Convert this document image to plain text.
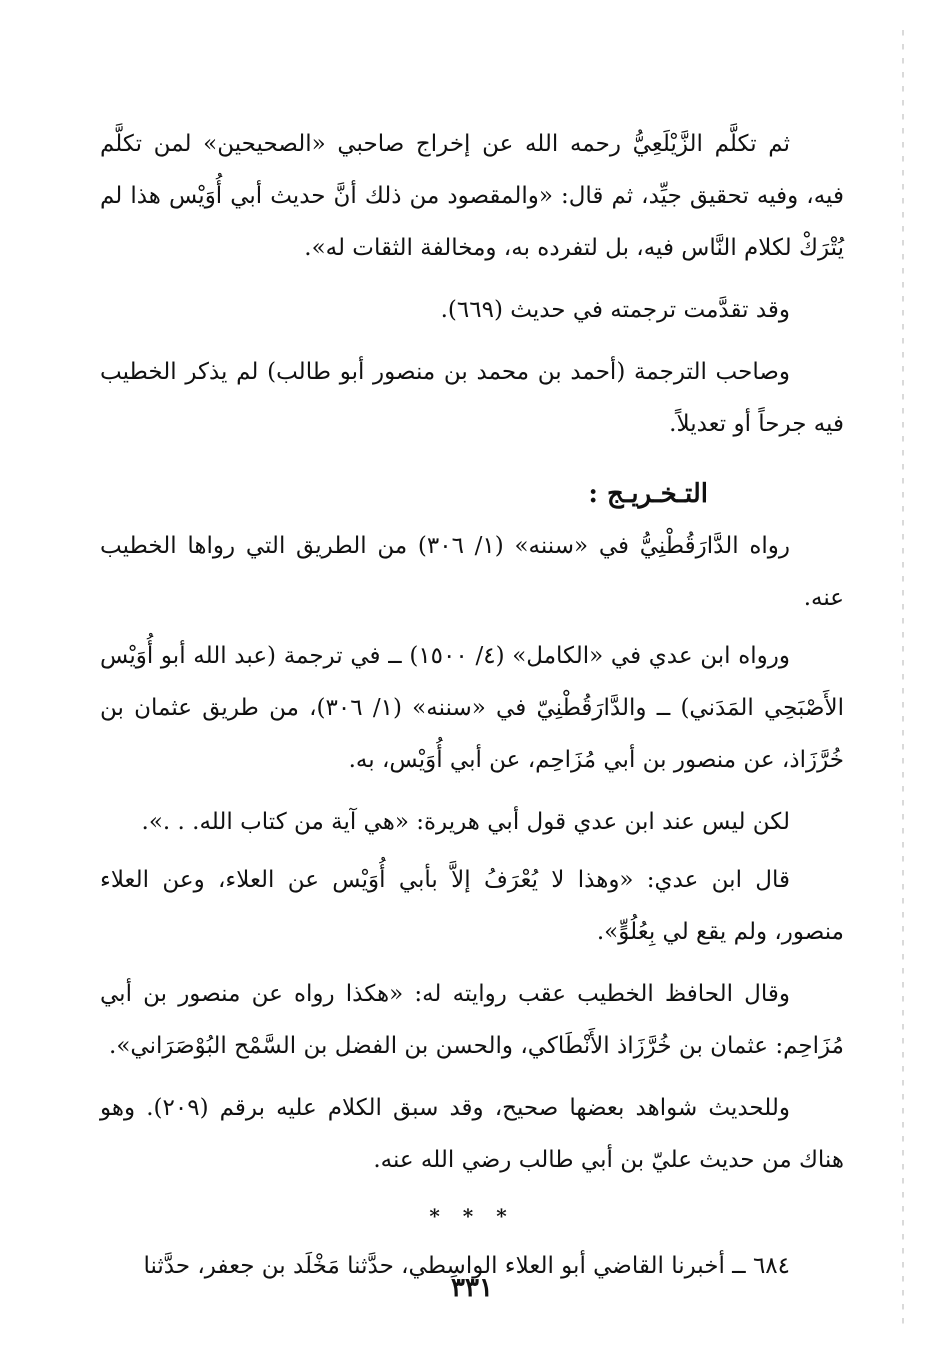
ثم تكلَّم الزَّيْلَعِيُّ رحمه الله عن إخراج صاحبي «الصحيحين» لمن تكلَّم فيه، وفيه تحقيق جيِّد، ثم قال: «والمقصود من ذلك أنَّ حديث أبي أُوَيْس هذا لم يُتْرَكْ لكلام النَّاس فيه، بل لتفرده به، ومخالفة الثقات له».

وقد تقدَّمت ترجمته في حديث (٦٦٩).

وصاحب الترجمة (أحمد بن محمد بن منصور أبو طالب) لم يذكر الخطيب فيه جرحاً أو تعديلاً.

التـخـريـج :

رواه الدَّارَقُطْنِيُّ في «سننه» (١/ ٣٠٦) من الطريق التي رواها الخطيب عنه.

ورواه ابن عدي في «الكامل» (٤/ ١٥٠٠) ــ في ترجمة (عبد الله أبو أُوَيْس الأَصْبَحِي المَدَني) ــ والدَّارَقُطْنِيّ في «سننه» (١/ ٣٠٦)، من طريق عثمان بن خُرَّزَاذ، عن منصور بن أبي مُزَاحِم، عن أبي أُوَيْس، به.

لكن ليس عند ابن عدي قول أبي هريرة: «هي آية من كتاب الله. . .».

قال ابن عدي: «وهذا لا يُعْرَفُ إلاَّ بأبي أُوَيْس عن العلاء، وعن العلاء منصور، ولم يقع لي بِعُلُوٍّ».

وقال الحافظ الخطيب عقب روايته له: «هكذا رواه عن منصور بن أبي مُزَاحِم: عثمان بن خُرَّزَاذ الأَنْطَاكي، والحسن بن الفضل بن السَّمْح البُوْصَرَاني».

وللحديث شواهد بعضها صحيح، وقد سبق الكلام عليه برقم (٢٠٩). وهو هناك من حديث عليّ بن أبي طالب رضي الله عنه.

* * *

٦٨٤ ــ أخبرنا القاضي أبو العلاء الواسِطي، حدَّثنا مَخْلَد بن جعفر، حدَّثنا

٣٣١
